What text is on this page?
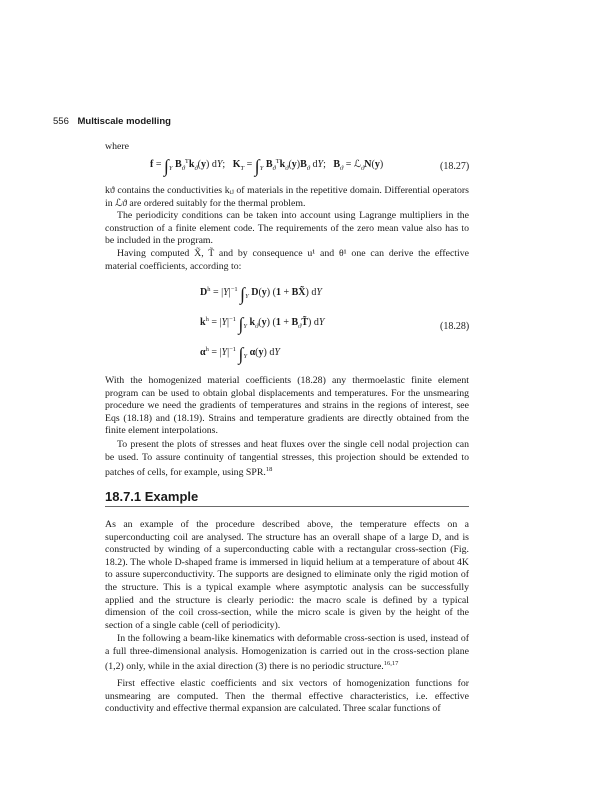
556 Multiscale modelling
where
$f = \int_Y$ $B_ϑ^Tk_ϑ(y)$ dY;   $K_T = \int_Y$ $B_ϑ^Tk_ϑ(y)B_ϑ$ dY;   $B_ϑ$ = ℒ$_ϑ$N(y)	(18.27)
kϑ contains the conductivities kᵢⱼ of materials in the repetitive domain. Differential operators in ℒϑ are ordered suitably for the thermal problem.
The periodicity conditions can be taken into account using Lagrange multipliers in the construction of a finite element code. The requirements of the zero mean value also has to be included in the program.
Having computed X̃, T̃ and by consequence u¹ and θ¹ one can derive the effective material coefficients, according to:
$D^h = |Y|^{-1}$ $\int_Y$ D(y) (1 + BX̃) dY
$k^h = |Y|^{-1}$ $\int_Y$ $k_ϑ(y) (1$ + $B_ϑT̃$) dY	(18.28)
$\alpha^h = |Y|^{-1}$ $\int_Y$ α(y) dY
With the homogenized material coefficients (18.28) any thermoelastic finite element program can be used to obtain global displacements and temperatures. For the unsmearing procedure we need the gradients of temperatures and strains in the regions of interest, see Eqs (18.18) and (18.19). Strains and temperature gradients are directly obtained from the finite element interpolations.
To present the plots of stresses and heat fluxes over the single cell nodal projection can be used. To assure continuity of tangential stresses, this projection should be extended to patches of cells, for example, using SPR.$^{18}$
18.7.1 Example
As an example of the procedure described above, the temperature effects on a superconducting coil are analysed. The structure has an overall shape of a large D, and is constructed by winding of a superconducting cable with a rectangular cross-section (Fig. 18.2). The whole D-shaped frame is immersed in liquid helium at a temperature of about 4K to assure superconductivity. The supports are designed to eliminate only the rigid motion of the structure. This is a typical example where asymptotic analysis can be successfully applied and the structure is clearly periodic: the macro scale is defined by a typical dimension of the coil cross-section, while the micro scale is given by the height of the section of a single cable (cell of periodicity).
In the following a beam-like kinematics with deformable cross-section is used, instead of a full three-dimensional analysis. Homogenization is carried out in the cross-section plane (1,2) only, while in the axial direction (3) there is no periodic structure.$^{16,17}$
First effective elastic coefficients and six vectors of homogenization functions for unsmearing are computed. Then the thermal effective characteristics, i.e. effective conductivity and effective thermal expansion are calculated. Three scalar functions of
